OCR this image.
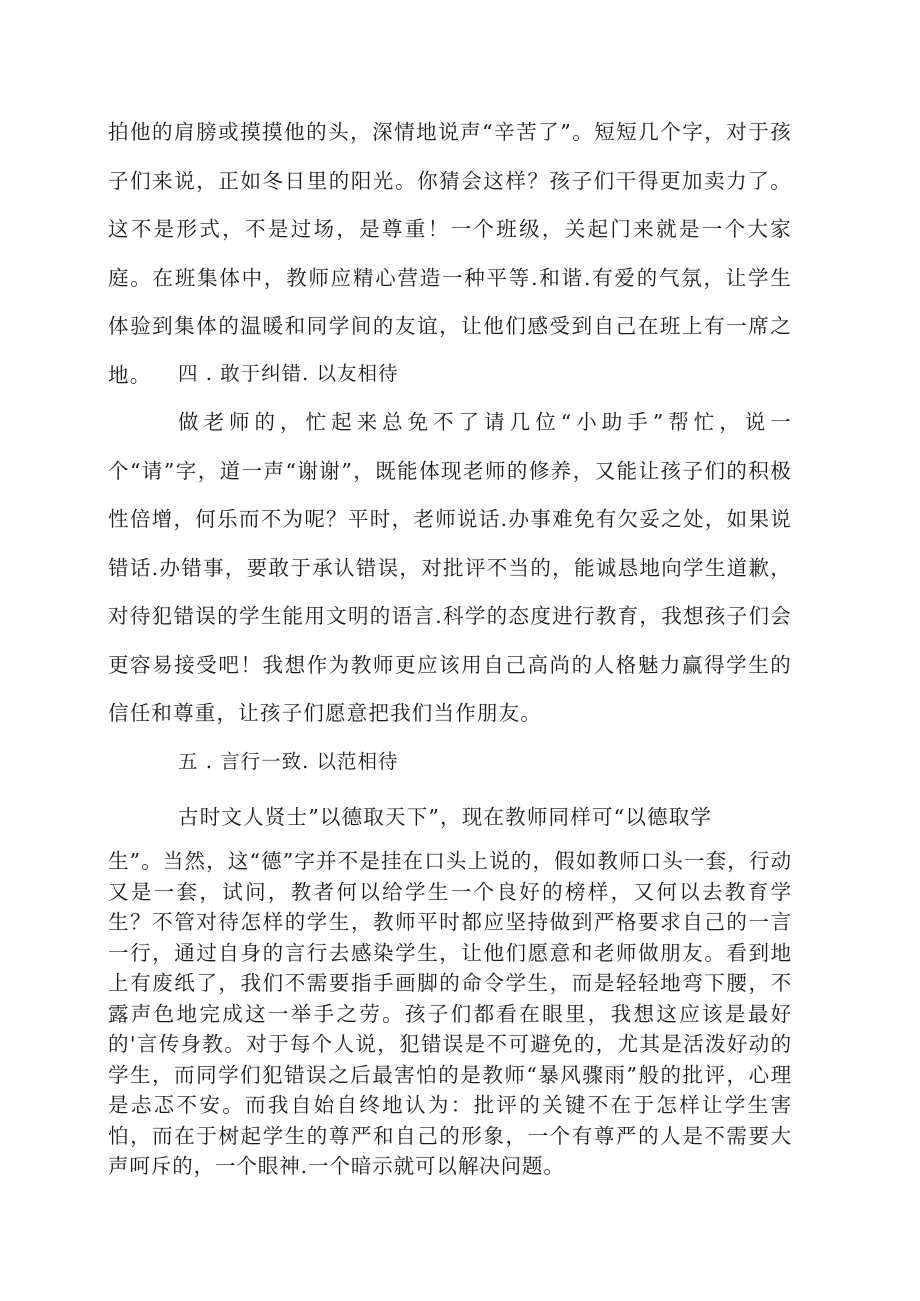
拍他的肩膀或摸摸他的头，深情地说声“辛苦了”。短短几个字，对于孩子们来说，正如冬日里的阳光。你猜会这样？孩子们干得更加卖力了。这不是形式，不是过场，是尊重！一个班级，关起门来就是一个大家庭。在班集体中，教师应精心营造一种平等.和谐.有爱的气氛，让学生体验到集体的温暖和同学间的友谊，让他们感受到自己在班上有一席之地。	四 . 敢于纠错. 以友相待

做老师的，忙起来总免不了请几位“小助手”帮忙，说一个“请”字，道一声“谢谢”，既能体现老师的修养，又能让孩子们的积极性倍增，何乐而不为呢？平时，老师说话.办事难免有欠妥之处，如果说错话.办错事，要敢于承认错误，对批评不当的，能诚恳地向学生道歉，对待犯错误的学生能用文明的语言.科学的态度进行教育，我想孩子们会更容易接受吧！我想作为教师更应该用自己高尚的人格魅力赢得学生的信任和尊重，让孩子们愿意把我们当作朋友。

五 . 言行一致. 以范相待
古时文人贤士”以德取天下”，现在教师同样可“以德取学

生”。当然，这“德”字并不是挂在口头上说的，假如教师口头一套，行动又是一套，试问，教者何以给学生一个良好的榜样，又何以去教育学生？不管对待怎样的学生，教师平时都应坚持做到严格要求自己的一言一行，通过自身的言行去感染学生，让他们愿意和老师做朋友。看到地上有废纸了，我们不需要指手画脚的命令学生，而是轻轻地弯下腰，不露声色地完成这一举手之劳。孩子们都看在眼里，我想这应该是最好的'言传身教。对于每个人说，犯错误是不可避免的，尤其是活泼好动的学生，而同学们犯错误之后最害怕的是教师“暴风骤雨”般的批评，心理是忐忑不安。而我自始自终地认为：批评的关键不在于怎样让学生害怕，而在于树起学生的尊严和自己的形象，一个有尊严的人是不需要大声呵斥的，一个眼神.一个暗示就可以解决问题。
